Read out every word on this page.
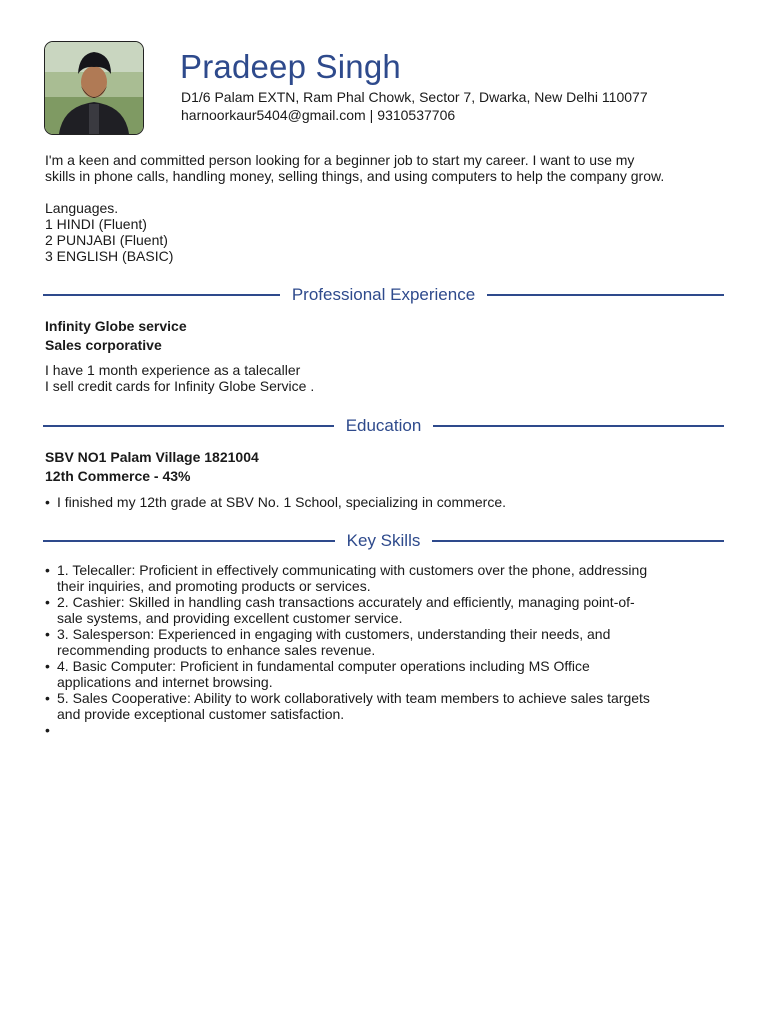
Pradeep Singh
D1/6 Palam EXTN, Ram Phal Chowk, Sector 7, Dwarka, New Delhi 110077
harnoorkaur5404@gmail.com | 9310537706
I'm a keen and committed person looking for a beginner job to start my career. I want to use my
skills in phone calls, handling money, selling things, and using computers to help the company grow.
Languages.
1 HINDI (Fluent)
2 PUNJABI (Fluent)
3 ENGLISH (BASIC)
Professional Experience
Infinity Globe service
Sales corporative
I have 1 month experience as a talecaller
I sell credit cards for Infinity Globe Service .
Education
SBV NO1 Palam Village 1821004
12th Commerce - 43%
• I finished my 12th grade at SBV No. 1 School, specializing in commerce.
Key Skills
• 1. Telecaller: Proficient in effectively communicating with customers over the phone, addressing
their inquiries, and promoting products or services.
• 2. Cashier: Skilled in handling cash transactions accurately and efficiently, managing point-of-
sale systems, and providing excellent customer service.
• 3. Salesperson: Experienced in engaging with customers, understanding their needs, and
recommending products to enhance sales revenue.
• 4. Basic Computer: Proficient in fundamental computer operations including MS Office
applications and internet browsing.
• 5. Sales Cooperative: Ability to work collaboratively with team members to achieve sales targets
and provide exceptional customer satisfaction.
•
